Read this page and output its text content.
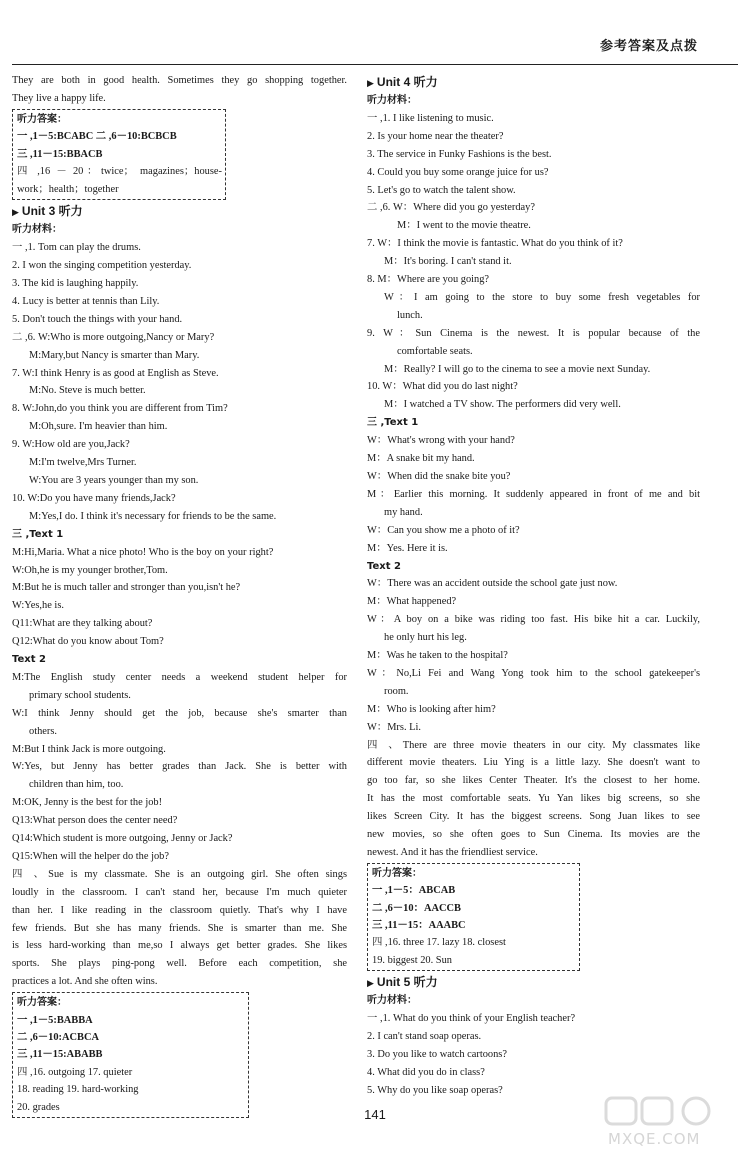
参考答案及点拨
They are both in good health. Sometimes they go shopping together.
They live a happy life.
听力答案：
一 ,1－5:BCABC 二 ,6－10:BCBCB
三 ,11－15:BBACB
四 ,16 － 20：twice； magazines；house-
work；health；together
▶ Unit 3 听力
听力材料：
一 ,1. Tom can play the drums.
2. I won the singing competition yesterday.
3. The kid is laughing happily.
4. Lucy is better at tennis than Lily.
5. Don't touch the things with your hand.
二 ,6. W:Who is more outgoing,Nancy or Mary?
M:Mary,but Nancy is smarter than Mary.
7. W:I think Henry is as good at English as Steve.
M:No. Steve is much better.
8. W:John,do you think you are different from Tim?
M:Oh,sure. I'm heavier than him.
9. W:How old are you,Jack?
M:I'm twelve,Mrs Turner.
W:You are 3 years younger than my son.
10. W:Do you have many friends,Jack?
M:Yes,I do. I think it's necessary for friends to be the same.
三 ,Text 1
M:Hi,Maria. What a nice photo! Who is the boy on your right?
W:Oh,he is my younger brother,Tom.
M:But he is much taller and stronger than you,isn't he?
W:Yes,he is.
Q11:What are they talking about?
Q12:What do you know about Tom?
Text 2
M:The English study center needs a weekend student helper for
primary school students.
W:I think Jenny should get the job, because she's smarter than
others.
M:But I think Jack is more outgoing.
W:Yes, but Jenny has better grades than Jack. She is better with
children than him, too.
M:OK, Jenny is the best for the job!
Q13:What person does the center need?
Q14:Which student is more outgoing, Jenny or Jack?
Q15:When will the helper do the job?
四 、Sue is my classmate. She is an outgoing girl. She often sings
loudly in the classroom. I can't stand her, because I'm much quieter
than her. I like reading in the classroom quietly. That's why I have
few friends. But she has many friends. She is smarter than me. She
is less hard-working than me,so I always get better grades. She likes
sports. She plays ping-pong well. Before each competition, she
practices a lot. And she often wins.
听力答案：
一 ,1－5:BABBA
二 ,6－10:ACBCA
三 ,11－15:ABABB
四 ,16. outgoing 17. quieter
18. reading 19. hard-working
20. grades
▶ Unit 4 听力
听力材料：
一 ,1. I like listening to music.
2. Is your home near the theater?
3. The service in Funky Fashions is the best.
4. Could you buy some orange juice for us?
5. Let's go to watch the talent show.
二 ,6. W：Where did you go yesterday?
M：I went to the movie theatre.
7. W：I think the movie is fantastic. What do you think of it?
M：It's boring. I can't stand it.
8. M：Where are you going?
W：I am going to the store to buy some fresh vegetables for
lunch.
9. W：Sun Cinema is the newest. It is popular because of the
comfortable seats.
M：Really? I will go to the cinema to see a movie next Sunday.
10. W：What did you do last night?
M：I watched a TV show. The performers did very well.
三 ,Text 1
W：What's wrong with your hand?
M：A snake bit my hand.
W：When did the snake bite you?
M：Earlier this morning. It suddenly appeared in front of me and bit
my hand.
W：Can you show me a photo of it?
M：Yes. Here it is.
Text 2
W：There was an accident outside the school gate just now.
M：What happened?
W：A boy on a bike was riding too fast. His bike hit a car. Luckily,
he only hurt his leg.
M：Was he taken to the hospital?
W：No,Li Fei and Wang Yong took him to the school gatekeeper's
room.
M：Who is looking after him?
W：Mrs. Li.
四 、There are three movie theaters in our city. My classmates like
different movie theaters. Liu Ying is a little lazy. She doesn't want to
go too far, so she likes Center Theater. It's the closest to her home.
It has the most comfortable seats. Yu Yan likes big screens, so she
likes Screen City. It has the biggest screens. Song Juan likes to see
new movies, so she often goes to Sun Cinema. Its movies are the
newest. And it has the friendliest service.
听力答案：
一 ,1－5：ABCAB
二 ,6－10：AACCB
三 ,11－15：AAABC
四 ,16. three 17. lazy 18. closest
19. biggest 20. Sun
▶ Unit 5 听力
听力材料：
一 ,1. What do you think of your English teacher?
2. I can't stand soap operas.
3. Do you like to watch cartoons?
4. What did you do in class?
5. Why do you like soap operas?
141
MXQE.COM
